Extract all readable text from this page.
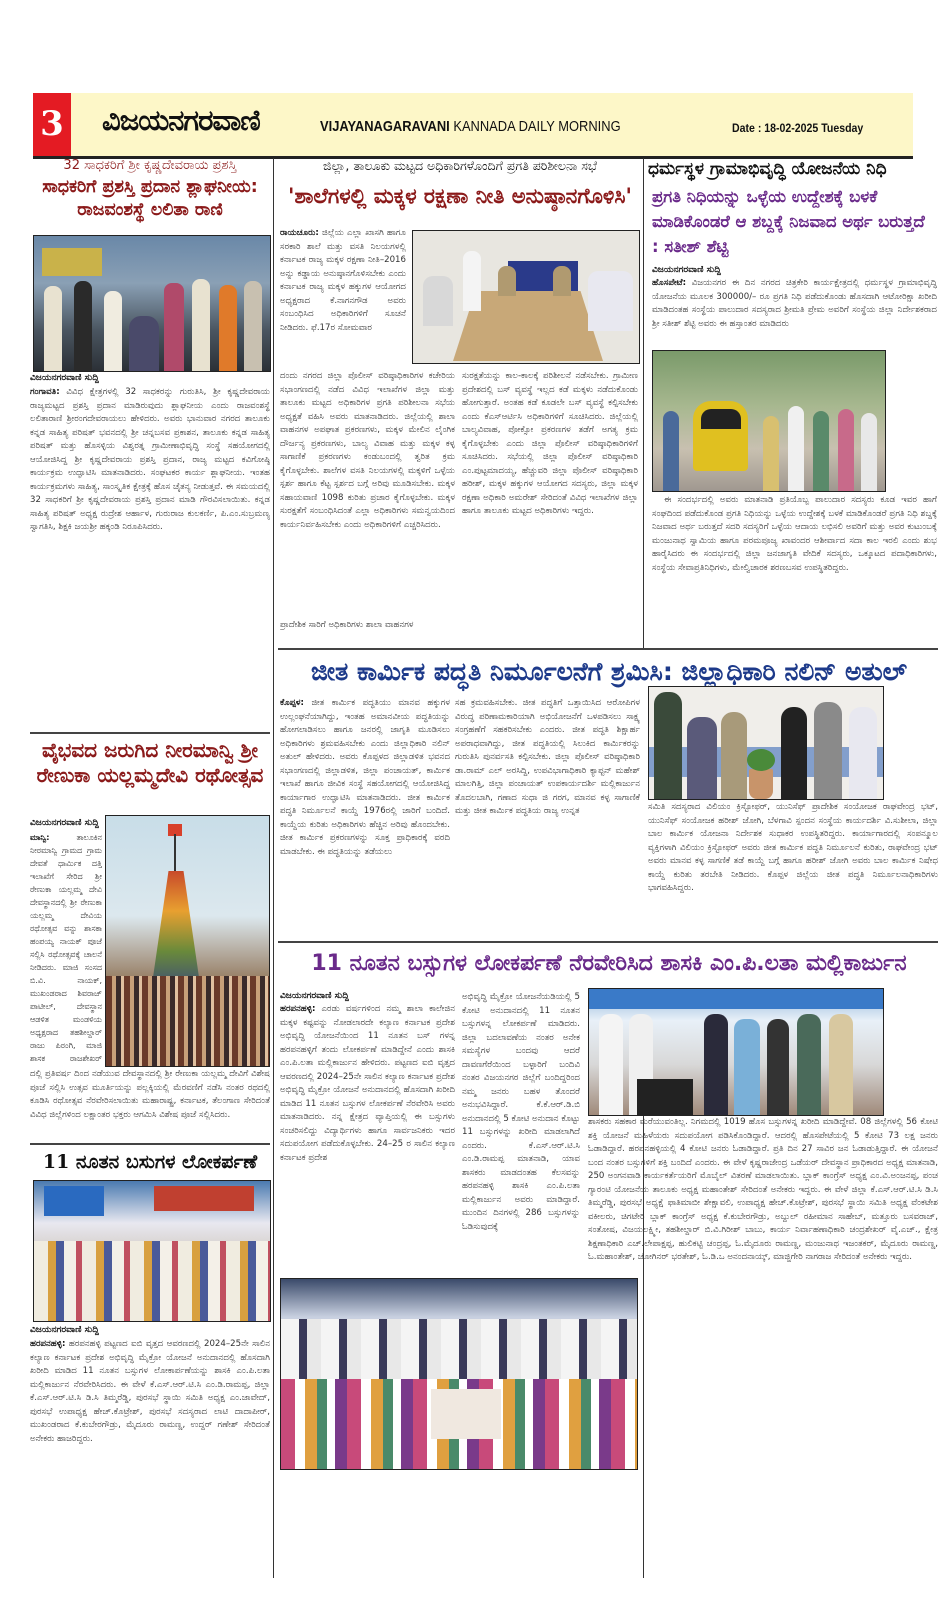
3 ವಿಜಯನಗರವಾಣಿ	VIJAYANAGARAVANI KANNADA DAILY MORNING	Date : 18-02-2025 Tuesday
32 ಸಾಧಕರಿಗೆ ಶ್ರೀ ಕೃಷ್ಣದೇವರಾಯ ಪ್ರಶಸ್ತಿ
ಸಾಧಕರಿಗೆ ಪ್ರಶಸ್ತಿ ಪ್ರದಾನ ಶ್ಲಾಘನೀಯ: ರಾಜವಂಶಸ್ಥೆ ಲಲಿತಾ ರಾಣಿ
ವಿಜಯನಗರವಾಣಿ ಸುದ್ದಿ
ಗಂಗಾವತಿ: ವಿವಿಧ ಕ್ಷೇತ್ರಗಳಲ್ಲಿ 32 ಸಾಧಕರನ್ನು ಗುರುತಿಸಿ, ಶ್ರೀ ಕೃಷ್ಣದೇವರಾಯ ರಾಜ್ಯಮಟ್ಟದ ಪ್ರಶಸ್ತಿ ಪ್ರದಾನ ಮಾಡಿರುವುದು ಶ್ಲಾಘನೀಯ ಎಂದು ರಾಜವಂಶಸ್ಥೆ ಲಲಿತಾರಾಣಿ ಶ್ರೀರಂಗದೇವರಾಯಲು ಹೇಳಿದರು. ಅವರು ಭಾನುವಾರ ನಗರದ ತಾಲೂಕು ಕನ್ನಡ ಸಾಹಿತ್ಯ ಪರಿಷತ್ ಭವನದಲ್ಲಿ ಶ್ರೀ ಚನ್ನಬಸವ ಪ್ರಕಾಶನ, ತಾಲೂಕು ಕನ್ನಡ ಸಾಹಿತ್ಯ ಪರಿಷತ್ ಮತ್ತು ಹೊಸಳ್ಳಿಯ ವಿಶ್ವರತ್ನ ಗ್ರಾಮೀಣಾಭಿವೃದ್ಧಿ ಸಂಸ್ಥೆ ಸಹಯೋಗದಲ್ಲಿ ಆಯೋಜಿಸಿದ್ದ ಶ್ರೀ ಕೃಷ್ಣದೇವರಾಯ ಪ್ರಶಸ್ತಿ ಪ್ರದಾನ, ರಾಜ್ಯ ಮಟ್ಟದ ಕವಿಗೋಷ್ಠಿ ಕಾರ್ಯಕ್ರಮ ಉದ್ಘಾಟಿಸಿ ಮಾತನಾಡಿದರು. ಸಂಘಟಕರ ಕಾರ್ಯ ಶ್ಲಾಘನೀಯ. ಇಂತಹ ಕಾರ್ಯಕ್ರಮಗಳು ಸಾಹಿತ್ಯ, ಸಾಂಸ್ಕೃತಿಕ ಕ್ಷೇತ್ರಕ್ಕೆ ಹೊಸ ಚೈತನ್ಯ ನೀಡುತ್ತವೆ. ಈ ಸಮಯದಲ್ಲಿ 32 ಸಾಧಕರಿಗೆ ಶ್ರೀ ಕೃಷ್ಣದೇವರಾಯ ಪ್ರಶಸ್ತಿ ಪ್ರದಾನ ಮಾಡಿ ಗೌರವಿಸಲಾಯಿತು. ಕನ್ನಡ ಸಾಹಿತ್ಯ ಪರಿಷತ್ ಅಧ್ಯಕ್ಷ ರುದ್ರೇಶ ಆರ್ಹಾಳ, ಗುರುರಾಜ ಕುಲಕರ್ಣಿ, ಪಿ.ಎಂ.ಸುಬ್ರಮಣ್ಯ ಸ್ವಾಗತಿಸಿ, ಶಿಕ್ಷಕಿ ಜಯಶ್ರೀ ಹಕ್ಕಂಡಿ ನಿರೂಪಿಸಿದರು.
ವೈಭವದ ಜರುಗಿದ ನೀರಮಾನ್ವಿ ಶ್ರೀ ರೇಣುಕಾ ಯಲ್ಲಮ್ಮದೇವಿ ರಥೋತ್ಸವ
ವಿಜಯನಗರವಾಣಿ ಸುದ್ದಿ
ಮಾನ್ವಿ:	ತಾಲೂಕಿನ ನೀರಮಾನ್ವಿ ಗ್ರಾಮದ ಗ್ರಾಮ ದೇವತೆ ಧಾರ್ಮಿಕ ದತ್ತಿ ಇಲಾಖೆಗೆ ಸೇರಿದ ಶ್ರೀ ರೇಣುಕಾ ಯಲ್ಲಮ್ಮ ದೇವಿ ದೇವಸ್ಥಾನದಲ್ಲಿ ಶ್ರೀ ರೇಣುಕಾ ಯಲ್ಲಮ್ಮ ದೇವಿಯ ರಥೋತ್ಸವ ವನ್ನು ಶಾಸಕಾ ಹಂಪಯ್ಯ ನಾಯಕ್ ಪೂಜೆ ಸಲ್ಲಿಸಿ ರಥೋತ್ಸವಕ್ಕೆ ಚಾಲನೆ ನೀಡಿದರು. ಮಾಜಿ ಸಂಸದ ಬಿ.ವಿ. ನಾಯಕ್, ಮುಖಂಡರಾದ ಶಿವರಾಜ್ ಪಾಟೀಲ್, ದೇವಸ್ಥಾನ ಆಡಳಿತ ಮಂಡಳಿಯ ಅಧ್ಯಕ್ಷರಾದ ತಹಶೀಲ್ದಾರ್ ರಾಜು ಪಿರಂಗಿ, ಮಾಜಿ ಶಾಸಕ ರಾಜಶೇಖರ್
ದಲ್ಲಿ ಪ್ರತಿವರ್ಷ ದಿಂದ ನಡೆಯುವ ದೇವಸ್ಥಾನದಲ್ಲಿ ಶ್ರೀ ರೇಣುಕಾ ಯಲ್ಲಮ್ಮ ದೇವಿಗೆ ವಿಶೇಷ ಪೂಜೆ ಸಲ್ಲಿಸಿ ಉತ್ಸವ ಮೂರ್ತಿಯನ್ನು ಪಲ್ಲಕ್ಕಿಯಲ್ಲಿ ಮೆರವಣಿಗೆ ನಡೆಸಿ ನಂತರ ರಥದಲ್ಲಿ ಕೂಡಿಸಿ ರಥೋತ್ಸವ ನೆರವೇರಿಸಲಾಯಿತು ಮಹಾರಾಷ್ಟ್ರ, ಕರ್ನಾಟಕ, ತೆಲಂಗಾಣ ಸೇರಿದಂತೆ ವಿವಿಧ ಜಿಲ್ಲೆಗಳಿಂದ ಲಕ್ಷಾಂತರ ಭಕ್ತರು ಆಗಮಿಸಿ ವಿಶೇಷ ಪೂಜೆ ಸಲ್ಲಿಸಿದರು.
11 ನೂತನ ಬಸುಗಳ ಲೋಕರ್ಪಣೆ
ವಿಜಯನಗರವಾಣಿ ಸುದ್ದಿ
ಹರಪನಹಳ್ಳಿ: ಹರಪನಹಳ್ಳಿ ಪಟ್ಟಣದ ಐಬಿ ವೃತ್ತದ ಆವರಣದಲ್ಲಿ 2024–25ನೇ ಸಾಲಿನ ಕಲ್ಯಾಣ ಕರ್ನಾಟಕ ಪ್ರದೇಶ ಅಭಿವೃದ್ಧಿ ಮೈಕ್ರೋ ಯೋಜನೆ ಅನುದಾನದಲ್ಲಿ ಹೊಸದಾಗಿ ಖರೀದಿ ಮಾಡಿದ 11 ನೂತನ ಬಸ್ಸುಗಳ ಲೋಕಾರ್ಪಣೆಯನ್ನು ಶಾಸಕಿ ಎಂ.ಪಿ.ಲತಾ ಮಲ್ಲಿಕಾರ್ಜುನ ನೆರವೇರಿಸಿದರು. ಈ ವೇಳೆ ಕೆ.ಎಸ್.ಆರ್.ಟಿ.ಸಿ ಎಂ.ಡಿ.ರಾಮಪ್ಪ, ಜಿಲ್ಲಾ ಕೆ.ಎಸ್.ಆರ್.ಟಿ.ಸಿ ಡಿ.ಸಿ ತಿಮ್ಮರೆಡ್ಡಿ, ಪುರಸಭೆ ಸ್ಥಾಯಿ ಸಮಿತಿ ಅಧ್ಯಕ್ಷ ಎಂ.ಜಾವೇದ್, ಪುರಸಭೆ ಉಪಾಧ್ಯಕ್ಷ ಹೇಚ್.ಕೊಟ್ರೇಶ್, ಪುರಸಭೆ ಸದಸ್ಯರಾದ ಲಾಟಿ ದಾದಾಪೀರ್, ಮುಖಂಡರಾದ ಕೆ.ಕುಬೇರಗೌಡ್ರು, ಮೈದೂರು ರಾಮಣ್ಣ, ಉದ್ದರ್ ಗಣೇಶ್ ಸೇರಿದಂತೆ ಅನೇಕರು ಹಾಜರಿದ್ದರು.
ಜಿಲ್ಲಾ, ತಾಲೂಕು ಮಟ್ಟದ ಅಧಿಕಾರಿಗಳೊಂದಿಗೆ ಪ್ರಗತಿ ಪರಿಶೀಲನಾ ಸಭೆ
'ಶಾಲೆಗಳಲ್ಲಿ ಮಕ್ಕಳ ರಕ್ಷಣಾ ನೀತಿ ಅನುಷ್ಠಾನಗೊಳಿಸಿ'
ರಾಯಚೂರು: ಜಿಲ್ಲೆಯ ಎಲ್ಲಾ ಖಾಸಗಿ ಹಾಗೂ ಸರಕಾರಿ ಶಾಲೆ ಮತ್ತು ವಸತಿ ನಿಲಯಗಳಲ್ಲಿ ಕರ್ನಾಟಕ ರಾಜ್ಯ ಮಕ್ಕಳ ರಕ್ಷಣಾ ನೀತಿ–2016 ಅನ್ನು ಕಡ್ಡಾಯ ಅನುಷ್ಠಾನಗೊಳಿಸಬೇಕು ಎಂದು ಕರ್ನಾಟಕ ರಾಜ್ಯ ಮಕ್ಕಳ ಹಕ್ಕುಗಳ ಆಯೋಗದ ಅಧ್ಯಕ್ಷರಾದ ಕೆ.ನಾಗನಗೌಡ ಅವರು ಸಂಬಂಧಿಸಿದ ಅಧಿಕಾರಿಗಳಿಗೆ ಸೂಚನೆ ನೀಡಿದರು. ಫೆ.17ರ ಸೋಮವಾರ
ದಂದು ನಗರದ ಜಿಲ್ಲಾ ಪೊಲೀಸ್ ವರಿಷ್ಠಾಧಿಕಾರಿಗಳ ಕಚೇರಿಯ ಸಭಾಂಗಣದಲ್ಲಿ ನಡೆದ ವಿವಿಧ ಇಲಾಖೆಗಳ ಜಿಲ್ಲಾ ಮತ್ತು ತಾಲೂಕು ಮಟ್ಟದ ಅಧಿಕಾರಿಗಳ ಪ್ರಗತಿ ಪರಿಶೀಲನಾ ಸಭೆಯ ಅಧ್ಯಕ್ಷತೆ ವಹಿಸಿ ಅವರು ಮಾತನಾಡಿದರು. ಜಿಲ್ಲೆಯಲ್ಲಿ ಶಾಲಾ ವಾಹನಗಳ ಅಪಘಾತ ಪ್ರಕರಣಗಳು, ಮಕ್ಕಳ ಮೇಲಿನ ಲೈಂಗಿಕ ದೌರ್ಜನ್ಯ ಪ್ರಕರಣಗಳು, ಬಾಲ್ಯ ವಿವಾಹ ಮತ್ತು ಮಕ್ಕಳ ಕಳ್ಳ ಸಾಗಾಣಿಕೆ ಪ್ರಕರಣಗಳು ಕಂಡುಬಂದಲ್ಲಿ ತ್ವರಿತ ಕ್ರಮ ಕೈಗೊಳ್ಳಬೇಕು. ಶಾಲೆಗಳ ವಸತಿ ನಿಲಯಗಳಲ್ಲಿ ಮಕ್ಕಳಿಗೆ ಒಳ್ಳೆಯ ಸ್ಪರ್ಶ ಹಾಗೂ ಕೆಟ್ಟ ಸ್ಪರ್ಶದ ಬಗ್ಗೆ ಅರಿವು ಮೂಡಿಸಬೇಕು. ಮಕ್ಕಳ ಸಹಾಯವಾಣಿ 1098 ಕುರಿತು ಪ್ರಚಾರ ಕೈಗೊಳ್ಳಬೇಕು. ಮಕ್ಕಳ ಸುರಕ್ಷತೆಗೆ ಸಂಬಂಧಿಸಿದಂತೆ ಎಲ್ಲಾ ಅಧಿಕಾರಿಗಳು ಸಮನ್ವಯದಿಂದ ಕಾರ್ಯನಿರ್ವಹಿಸಬೇಕು ಎಂದು ಅಧಿಕಾರಿಗಳಿಗೆ ಎಚ್ಚರಿಸಿದರು.
ಪ್ರಾದೇಶಿಕ ಸಾರಿಗೆ ಅಧಿಕಾರಿಗಳು ಶಾಲಾ ವಾಹನಗಳ
ಸುರಕ್ಷತೆಯನ್ನು ಕಾಲ-ಕಾಲಕ್ಕೆ ಪರಿಶೀಲನೆ ನಡೆಸಬೇಕು. ಗ್ರಾಮೀಣ ಪ್ರದೇಶದಲ್ಲಿ ಬಸ್ ವ್ಯವಸ್ಥೆ ಇಲ್ಲದ ಕಡೆ ಮಕ್ಕಳು ನಡೆದುಕೊಂಡು ಹೋಗುತ್ತಾರೆ. ಅಂತಹ ಕಡೆ ಕೂಡಲೇ ಬಸ್ ವ್ಯವಸ್ಥೆ ಕಲ್ಪಿಸಬೇಕು ಎಂದು ಕೆಎಸ್ಆರ್ಟಿಸಿ ಅಧಿಕಾರಿಗಳಿಗೆ ಸೂಚಿಸಿದರು. ಜಿಲ್ಲೆಯಲ್ಲಿ ಬಾಲ್ಯವಿವಾಹ, ಪೋಕ್ಸೋ ಪ್ರಕರಣಗಳ ತಡೆಗೆ ಅಗತ್ಯ ಕ್ರಮ ಕೈಗೊಳ್ಳಬೇಕು ಎಂದು ಜಿಲ್ಲಾ ಪೊಲೀಸ್ ವರಿಷ್ಠಾಧಿಕಾರಿಗಳಿಗೆ ಸೂಚಿಸಿದರು. ಸಭೆಯಲ್ಲಿ ಜಿಲ್ಲಾ ಪೊಲೀಸ್ ವರಿಷ್ಠಾಧಿಕಾರಿ ಎಂ.ಪುಟ್ಟಮಾದಯ್ಯ, ಹೆಚ್ಚುವರಿ ಜಿಲ್ಲಾ ಪೊಲೀಸ್ ವರಿಷ್ಠಾಧಿಕಾರಿ ಹರೀಶ್, ಮಕ್ಕಳ ಹಕ್ಕುಗಳ ಆಯೋಗದ ಸದಸ್ಯರು, ಜಿಲ್ಲಾ ಮಕ್ಕಳ ರಕ್ಷಣಾ ಅಧಿಕಾರಿ ಅಮರೇಶ್ ಸೇರಿದಂತೆ ವಿವಿಧ ಇಲಾಖೆಗಳ ಜಿಲ್ಲಾ ಹಾಗೂ ತಾಲೂಕು ಮಟ್ಟದ ಅಧಿಕಾರಿಗಳು ಇದ್ದರು.
ಧರ್ಮಸ್ಥಳ ಗ್ರಾಮಾಭಿವೃದ್ಧಿ ಯೋಜನೆಯ ನಿಧಿ
ಪ್ರಗತಿ ನಿಧಿಯನ್ನು ಒಳ್ಳೆಯ ಉದ್ದೇಶಕ್ಕೆ ಬಳಕೆ ಮಾಡಿಕೊಂಡರೆ ಆ ಶಬ್ದಕ್ಕೆ ನಿಜವಾದ ಅರ್ಥ ಬರುತ್ತದೆ : ಸತೀಶ್ ಶೆಟ್ಟಿ
ವಿಜಯನಗರವಾಣಿ ಸುದ್ದಿ
ಹೊಸಪೇಟೆ: ವಿಜಯನಗರ ಈ ದಿನ ನಗರದ ಚಿತ್ರಕೇರಿ ಕಾರ್ಯಕ್ಷೇತ್ರದಲ್ಲಿ ಧರ್ಮಸ್ಥಳ ಗ್ರಾಮಾಭಿವೃದ್ಧಿ ಯೋಜನೆಯ ಮೂಲಕ 300000/– ರೂ ಪ್ರಗತಿ ನಿಧಿ ಪಡೆದುಕೊಂಡು ಹೊಸದಾಗಿ ಆಟೋರಿಕ್ಷಾ ಖರೀದಿ ಮಾಡಿದಂತಹ ಸಂಸ್ಥೆಯ ಪಾಲುದಾರ ಸದಸ್ಯರಾದ ಶ್ರೀಮತಿ ಪ್ರೇಮ ಅವರಿಗೆ ಸಂಸ್ಥೆಯ ಜಿಲ್ಲಾ ನಿರ್ದೇಶಕರಾದ ಶ್ರೀ ಸತೀಶ್ ಶೆಟ್ಟಿ ಅವರು ಈ ಹಸ್ತಾಂತರ ಮಾಡಿದರು
ಈ ಸಂದರ್ಭದಲ್ಲಿ ಅವರು ಮಾತನಾಡಿ ಪ್ರತಿಯೊಬ್ಬ ಪಾಲುದಾರ ಸದಸ್ಯರು ಕೂಡ ಇವರ ಹಾಗೆ ಸಂಘದಿಂದ ಪಡೆದುಕೊಂಡ ಪ್ರಗತಿ ನಿಧಿಯನ್ನು ಒಳ್ಳೆಯ ಉದ್ದೇಶಕ್ಕೆ ಬಳಕೆ ಮಾಡಿಕೊಂಡರೆ ಪ್ರಗತಿ ನಿಧಿ ಶಬ್ದಕ್ಕೆ ನಿಜವಾದ ಅರ್ಥ ಬರುತ್ತದೆ ಸದರಿ ಸದಸ್ಯರಿಗೆ ಒಳ್ಳೆಯ ಆದಾಯ ಲಭಿಸಲಿ ಅವರಿಗೆ ಮತ್ತು ಅವರ ಕುಟುಂಬಕ್ಕೆ ಮಂಜುನಾಥ ಸ್ವಾಮಿಯ ಹಾಗೂ ಪರಮಪೂಜ್ಯ ಖಾವಂದರ ಆಶೀರ್ವಾದ ಸದಾ ಕಾಲ ಇರಲಿ ಎಂದು ಶುಭ ಹಾರೈಸಿದರು ಈ ಸಂದರ್ಭದಲ್ಲಿ ಜಿಲ್ಲಾ ಜನಜಾಗೃತಿ ವೇದಿಕೆ ಸದಸ್ಯರು, ಒಕ್ಕೂಟದ ಪದಾಧಿಕಾರಿಗಳು, ಸಂಸ್ಥೆಯ ಸೇವಾಪ್ರತಿನಿಧಿಗಳು, ಮೇಲ್ವಿಚಾರಕ ಶರಣಬಸವ ಉಪಸ್ಥಿತರಿದ್ದರು.
ಜೀತ ಕಾರ್ಮಿಕ ಪದ್ಧತಿ ನಿರ್ಮೂಲನೆಗೆ ಶ್ರಮಿಸಿ: ಜಿಲ್ಲಾಧಿಕಾರಿ ನಲಿನ್ ಅತುಲ್
ಕೊಪ್ಪಳ: ಜೀತ ಕಾರ್ಮಿಕ ಪದ್ಧತಿಯು ಮಾನವ ಹಕ್ಕುಗಳ ಉಲ್ಲಂಘನೆಯಾಗಿದ್ದು, ಇಂತಹ ಅಮಾನವೀಯ ಪದ್ಧತಿಯನ್ನು ಹೋಗಲಾಡಿಸಲು ಹಾಗೂ ಜನರಲ್ಲಿ ಜಾಗೃತಿ ಮೂಡಿಸಲು ಅಧಿಕಾರಿಗಳು ಶ್ರಮವಹಿಸಬೇಕು ಎಂದು ಜಿಲ್ಲಾಧಿಕಾರಿ ನಲಿನ್ ಅತುಲ್ ಹೇಳಿದರು. ಅವರು ಕೊಪ್ಪಳದ ಜಿಲ್ಲಾಡಳಿತ ಭವನದ ಸಭಾಂಗಣದಲ್ಲಿ ಜಿಲ್ಲಾಡಳಿತ, ಜಿಲ್ಲಾ ಪಂಚಾಯತ್, ಕಾರ್ಮಿಕ ಇಲಾಖೆ ಹಾಗೂ ಜೀವಿಕ ಸಂಸ್ಥೆ ಸಹಯೋಗದಲ್ಲಿ ಆಯೋಜಿಸಿದ್ದ ಕಾರ್ಯಾಗಾರ ಉದ್ಘಾಟಿಸಿ ಮಾತನಾಡಿದರು. ಜೀತ ಕಾರ್ಮಿಕ ಪದ್ಧತಿ ನಿರ್ಮೂಲನೆ ಕಾಯ್ದೆ 1976ರಲ್ಲಿ ಜಾರಿಗೆ ಬಂದಿದೆ. ಕಾಯ್ದೆಯ ಕುರಿತು ಅಧಿಕಾರಿಗಳು ಹೆಚ್ಚಿನ ಅರಿವು ಹೊಂದಬೇಕು. ಜೀತ ಕಾರ್ಮಿಕ ಪ್ರಕರಣಗಳನ್ನು ಸೂಕ್ತ ಪ್ರಾಧಿಕಾರಕ್ಕೆ ವರದಿ ಮಾಡಬೇಕು. ಈ ಪದ್ಧತಿಯನ್ನು ತಡೆಯಲು
ಸಹ ಕ್ರಮವಹಿಸಬೇಕು. ಜೀತ ಪದ್ಧತಿಗೆ ಒತ್ತಾಯಿಸಿದ ಆರೋಪಿಗಳ ವಿರುದ್ಧ ಪರಿಣಾಮಕಾರಿಯಾಗಿ ಅಭಿಯೋಜನೆಗೆ ಒಳಪಡಿಸಲು ಸಾಕ್ಷ್ಯ ಸಂಗ್ರಹಣೆಗೆ ಸಹಕರಿಸಬೇಕು ಎಂದರು. ಜೀತ ಪದ್ಧತಿ ಶಿಕ್ಷಾರ್ಹ ಅಪರಾಧವಾಗಿದ್ದು, ಜೀತ ಪದ್ಧತಿಯಲ್ಲಿ ಸಿಲುಕಿದ ಕಾರ್ಮಿಕರನ್ನು ಗುರುತಿಸಿ ಪುನರ್ವಸತಿ ಕಲ್ಪಿಸಬೇಕು. ಜಿಲ್ಲಾ ಪೊಲೀಸ್ ವರಿಷ್ಠಾಧಿಕಾರಿ ಡಾ.ರಾಮ್ ಎಲ್ ಅರಸಿದ್ದಿ, ಉಪವಿಭಾಗಾಧಿಕಾರಿ ಕ್ಯಾಪ್ಟನ್ ಮಹೇಶ್ ಮಾಲಗಿತ್ತಿ, ಜಿಲ್ಲಾ ಪಂಚಾಯತ್ ಉಪಕಾರ್ಯದರ್ಶಿ ಮಲ್ಲಿಕಾರ್ಜುನ ತೊದಲಬಾಗಿ, ಗಣಾದ ಸುಧಾ ಜಿ ಗರಗ, ಮಾನವ ಕಳ್ಳ ಸಾಗಾಣಿಕೆ ಮತ್ತು ಜೀತ ಕಾರ್ಮಿಕ ಪದ್ಧತಿಯ ರಾಜ್ಯ ಉನ್ನತ	ಸಮಿತಿ ಸದಸ್ಯರಾದ ವಿಲಿಯಂ ಕ್ರಿಸ್ಟೋಫರ್, ಯುನಿಸೆಫ್ ಪ್ರಾದೇಶಿಕ ಸಂಯೋಜಕ ರಾಘವೇಂದ್ರ ಭಟ್, ಯುನಿಸೆಫ್ ಸಂಯೋಜಕ ಹರೀಶ್ ಜೋಗಿ, ಬೆಳಗಾವಿ ಸ್ಪಂದನ ಸಂಸ್ಥೆಯ ಕಾರ್ಯದರ್ಶಿ ವಿ.ಸುಶೀಲಾ, ಜಿಲ್ಲಾ ಬಾಲ ಕಾರ್ಮಿಕ ಯೋಜನಾ ನಿರ್ದೇಶಕ ಸುಧಾಕರ ಉಪಸ್ಥಿತರಿದ್ದರು. ಕಾರ್ಯಾಗಾರದಲ್ಲಿ ಸಂಪನ್ಮೂಲ ವ್ಯಕ್ತಿಗಳಾಗಿ ವಿಲಿಯಂ ಕ್ರಿಸ್ಟೋಫರ್ ಅವರು ಜೀತ ಕಾರ್ಮಿಕ ಪದ್ಧತಿ ನಿರ್ಮೂಲನೆ ಕುರಿತು, ರಾಘವೇಂದ್ರ ಭಟ್ ಅವರು ಮಾನವ ಕಳ್ಳ ಸಾಗಣಿಕೆ ತಡೆ ಕಾಯ್ದೆ ಬಗ್ಗೆ ಹಾಗೂ ಹರೀಶ್ ಜೋಗಿ ಅವರು ಬಾಲ ಕಾರ್ಮಿಕ ನಿಷೇಧ ಕಾಯ್ದೆ ಕುರಿತು ತರಬೇತಿ ನೀಡಿದರು. ಕೊಪ್ಪಳ ಜಿಲ್ಲೆಯ ಜೀತ ಪದ್ಧತಿ ನಿರ್ಮೂಲನಾಧಿಕಾರಿಗಳು ಭಾಗವಹಿಸಿದ್ದರು.
11 ನೂತನ ಬಸ್ಸುಗಳ ಲೋಕರ್ಪಣೆ ನೆರವೇರಿಸಿದ ಶಾಸಕಿ ಎಂ.ಪಿ.ಲತಾ ಮಲ್ಲಿಕಾರ್ಜುನ
ವಿಜಯನಗರವಾಣಿ ಸುದ್ದಿ
ಹರಪನಹಳ್ಳಿ: ಎರಡು ವರ್ಷಗಳಿಂದ ನಮ್ಮ ಶಾಲಾ ಕಾಲೇಜಿನ ಮಕ್ಕಳ ಕಷ್ಟವನ್ನು ನೋಡಲಾರದೇ ಕಲ್ಯಾಣ ಕರ್ನಾಟಕ ಪ್ರದೇಶ ಅಭಿವೃದ್ಧಿ ಯೋಜನೆಯಿಂದ 11 ನೂತನ ಬಸ್ ಗಳನ್ನ ಹರಪನಹಳ್ಳಿಗೆ ತಂದು ಲೋಕರ್ಪಣೆ ಮಾಡಿದ್ದೇನೆ ಎಂದು ಶಾಸಕಿ ಎಂ.ಪಿ.ಲತಾ ಮಲ್ಲಿಕಾರ್ಜುನ ಹೇಳಿದರು. ಪಟ್ಟಣದ ಐಬಿ ವೃತ್ತದ ಆವರಣದಲ್ಲಿ 2024–25ನೇ ಸಾಲಿನ ಕಲ್ಯಾಣ ಕರ್ನಾಟಕ ಪ್ರದೇಶ ಅಭಿವೃದ್ಧಿ ಮೈಕ್ರೋ ಯೋಜನೆ ಅನುದಾನದಲ್ಲಿ ಹೊಸದಾಗಿ ಖರೀದಿ ಮಾಡಿದ 11 ನೂತನ ಬಸ್ಸುಗಳ ಲೋಕರ್ಪಣೆ ನೆರವೇರಿಸಿ ಅವರು ಮಾತನಾಡಿದರು. ನನ್ನ ಕ್ಷೇತ್ರದ ವ್ಯಾಪ್ತಿಯಲ್ಲಿ ಈ ಬಸ್ಸುಗಳು ಸಂಚರಿಸಲಿದ್ದು ವಿದ್ಯಾರ್ಥಿಗಳು ಹಾಗೂ ಸಾರ್ವಜನಿಕರು ಇದರ ಸದುಪಯೋಗ ಪಡೆದುಕೊಳ್ಳಬೇಕು. 24–25 ರ ಸಾಲಿನ ಕಲ್ಯಾಣ ಕರ್ನಾಟಕ ಪ್ರದೇಶ
ಅಭಿವೃದ್ಧಿ ಮೈಕ್ರೋ ಯೋಜನೆಯಡಿಯಲ್ಲಿ 5 ಕೋಟಿ ಅನುದಾನದಲ್ಲಿ 11 ನೂತನ ಬಸ್ಸುಗಳನ್ನ ಲೋಕರ್ಪಣೆ ಮಾಡಿದರು. ಜಿಲ್ಲಾ ಬದಲಾವಣೆಯ ನಂತರ ಅನೇಕ ಸಮಸ್ಯೆಗಳ ಬಂದವು ಆದರೆ ದಾವಣಗೆರೆಯಿಂದ ಬಳ್ಳಾರಿಗೆ ಬಂದಿವಿ ನಂತರ ವಿಜಯನಗರ ಜಿಲ್ಲೆಗೆ ಬಂದಿದ್ದರಿಂದ ನಮ್ಮ ಜನರು ಬಹಳ ತೊಂದರೆ ಅನುಭವಿಸಿದ್ದಾರೆ. ಕೆ.ಕೆ.ಆರ್.ಡಿ.ಬಿ ಅನುದಾನದಲ್ಲಿ 5 ಕೋಟಿ ಅನುದಾನ ಕೊಟ್ಟು 11 ಬಸ್ಸುಗಳನ್ನು ಖರೀದಿ ಮಾಡಲಾಗಿದೆ ಎಂದರು. ಕೆ.ಎಸ್.ಆರ್.ಟಿ.ಸಿ ಎಂ.ಡಿ.ರಾಮಪ್ಪ ಮಾತನಾಡಿ, ಯಾವ ಶಾಸಕರು ಮಾಡದಂತಹ ಕೆಲಸವನ್ನು ಹರಪನಹಳ್ಳಿ ಶಾಸಕಿ ಎಂ.ಪಿ.ಲತಾ ಮಲ್ಲಿಕಾರ್ಜುನ ಅವರು ಮಾಡಿದ್ದಾರೆ. ಮುಂದಿನ ದಿನಗಳಲ್ಲಿ 286 ಬಸ್ಸುಗಳನ್ನು ಓಡಿಸುವುದಕ್ಕೆ
ಶಾಸಕರು ಸಹಕಾರ ಮರೆಯುವಂತಿಲ್ಲ. ನಿಗಮದಲ್ಲಿ 1019 ಹೊಸ ಬಸ್ಸುಗಳನ್ನ ಖರೀದಿ ಮಾಡಿದ್ದೇವೆ. 08 ಜಿಲ್ಲೆಗಳಲ್ಲಿ 56 ಕೋಟಿ ಶಕ್ತಿ ಯೋಜನೆ ಮಹಿಳೆಯರು ಸದುಪಯೋಗ ಪಡಿಸಿಕೊಂಡಿದ್ದಾರೆ. ಆದರಲ್ಲಿ ಹೊಸಪೇಟೆಯಲ್ಲಿ 5 ಕೋಟಿ 73 ಲಕ್ಷ ಜನರು ಓಡಾಡಿದ್ದಾರೆ. ಹರಪನಹಳ್ಳಿಯಲ್ಲಿ 4 ಕೋಟಿ ಜನರು ಓಡಾಡಿದ್ದಾರೆ. ಪ್ರತಿ ದಿನ 27 ಸಾವಿರ ಜನ ಓಡಾಡುತ್ತಿದ್ದಾರೆ. ಈ ಯೋಜನೆ ಬಂದ ನಂತರ ಬಸ್ಸುಗಳಿಗೆ ಶಕ್ತಿ ಬಂದಿದೆ ಎಂದರು. ಈ ವೇಳೆ ಕೃಷ್ಣರಾಜೇಂದ್ರ ಒಡೆಯರ್ ದೇವಸ್ಥಾನ ಪ್ರಾಧಿಕಾರದ ಅಧ್ಯಕ್ಷ ಮಾತನಾಡಿ, 250 ಅಂಗನವಾಡಿ ಕಾರ್ಯಕರ್ತೆಯರಿಗೆ ಮೊಬೈಲ್ ವಿತರಣೆ ಮಾಡಲಾಯಿತು. ಬ್ಲಾಕ್ ಕಾಂಗ್ರೆಸ್ ಅಧ್ಯಕ್ಷ ಎಂ.ವಿ.ಅಂಜನಪ್ಪ, ಪಂಚ ಗ್ಯಾರಂಟಿ ಯೋಜನೆಯ ತಾಲೂಕು ಅಧ್ಯಕ್ಷ ಮಹಾಂತೇಶ್ ಸೇರಿದಂತೆ ಅನೇಕರು ಇದ್ದರು. ಈ ವೇಳೆ ಜಿಲ್ಲಾ ಕೆ.ಎಸ್.ಆರ್.ಟಿ.ಸಿ ಡಿ.ಸಿ ತಿಮ್ಮರೆಡ್ಡಿ, ಪುರಸಭೆ ಅಧ್ಯಕ್ಷೆ ಫಾತಿಮಾಬೀ ಶೇಕ್ಷಾವಲಿ, ಉಪಾಧ್ಯಕ್ಷ ಹೇಚ್.ಕೊಟ್ರೇಶ್, ಪುರಸಭೆ ಸ್ಥಾಯಿ ಸಮಿತಿ ಅಧ್ಯಕ್ಷ ವೆಂಕಟೇಶ ವಕೀಲರು, ಚಿಗಟೇರಿ ಬ್ಲಾಕ್ ಕಾಂಗ್ರೆಸ್ ಅಧ್ಯಕ್ಷ ಕೆ.ಕುಬೇರಗೌಡ್ರು, ಅಬ್ದುಲ್ ರಹೀಮಾನ ಸಾಹೇಬ್, ಮತ್ತೂರು ಬಸವರಾಜ್, ಸಂತೋಷ, ವಿಜಯಲಕ್ಷ್ಮೀ, ತಹಶೀಲ್ದಾರ್ ಬಿ.ವಿ.ಗಿರೀಶ್ ಬಾಬು, ಕಾರ್ಯ ನಿರ್ವಾಹಣಾಧಿಕಾರಿ ಚಂದ್ರಶೇಖರ್ ವೈ.ಎಚ್., ಕ್ಷೇತ್ರ ಶಿಕ್ಷಣಾಧಿಕಾರಿ ಎಚ್.ಲೇಪಾಕ್ಷಪ್ಪ, ಹುಲಿಕಟ್ಟಿ ಚಂದ್ರಪ್ಪ, ಓ.ಮೈದೂರು ರಾಮಣ್ಣ, ಮಂಜುನಾಥ ಇಜಂತಕರ್, ಮೈದೂರು ರಾಮಣ್ಣ, ಓ.ಮಹಾಂತೇಶ್, ಜೋಗಿನರ್ ಭರತೇಶ್, ಓ.ಡಿ.ಒ ಅನಂದನಾಯ್ಕ್, ಮಾಜ್ಜಿಗೇರಿ ನಾಗರಾಜ ಸೇರಿದಂತೆ ಅನೇಕರು ಇದ್ದರು.
